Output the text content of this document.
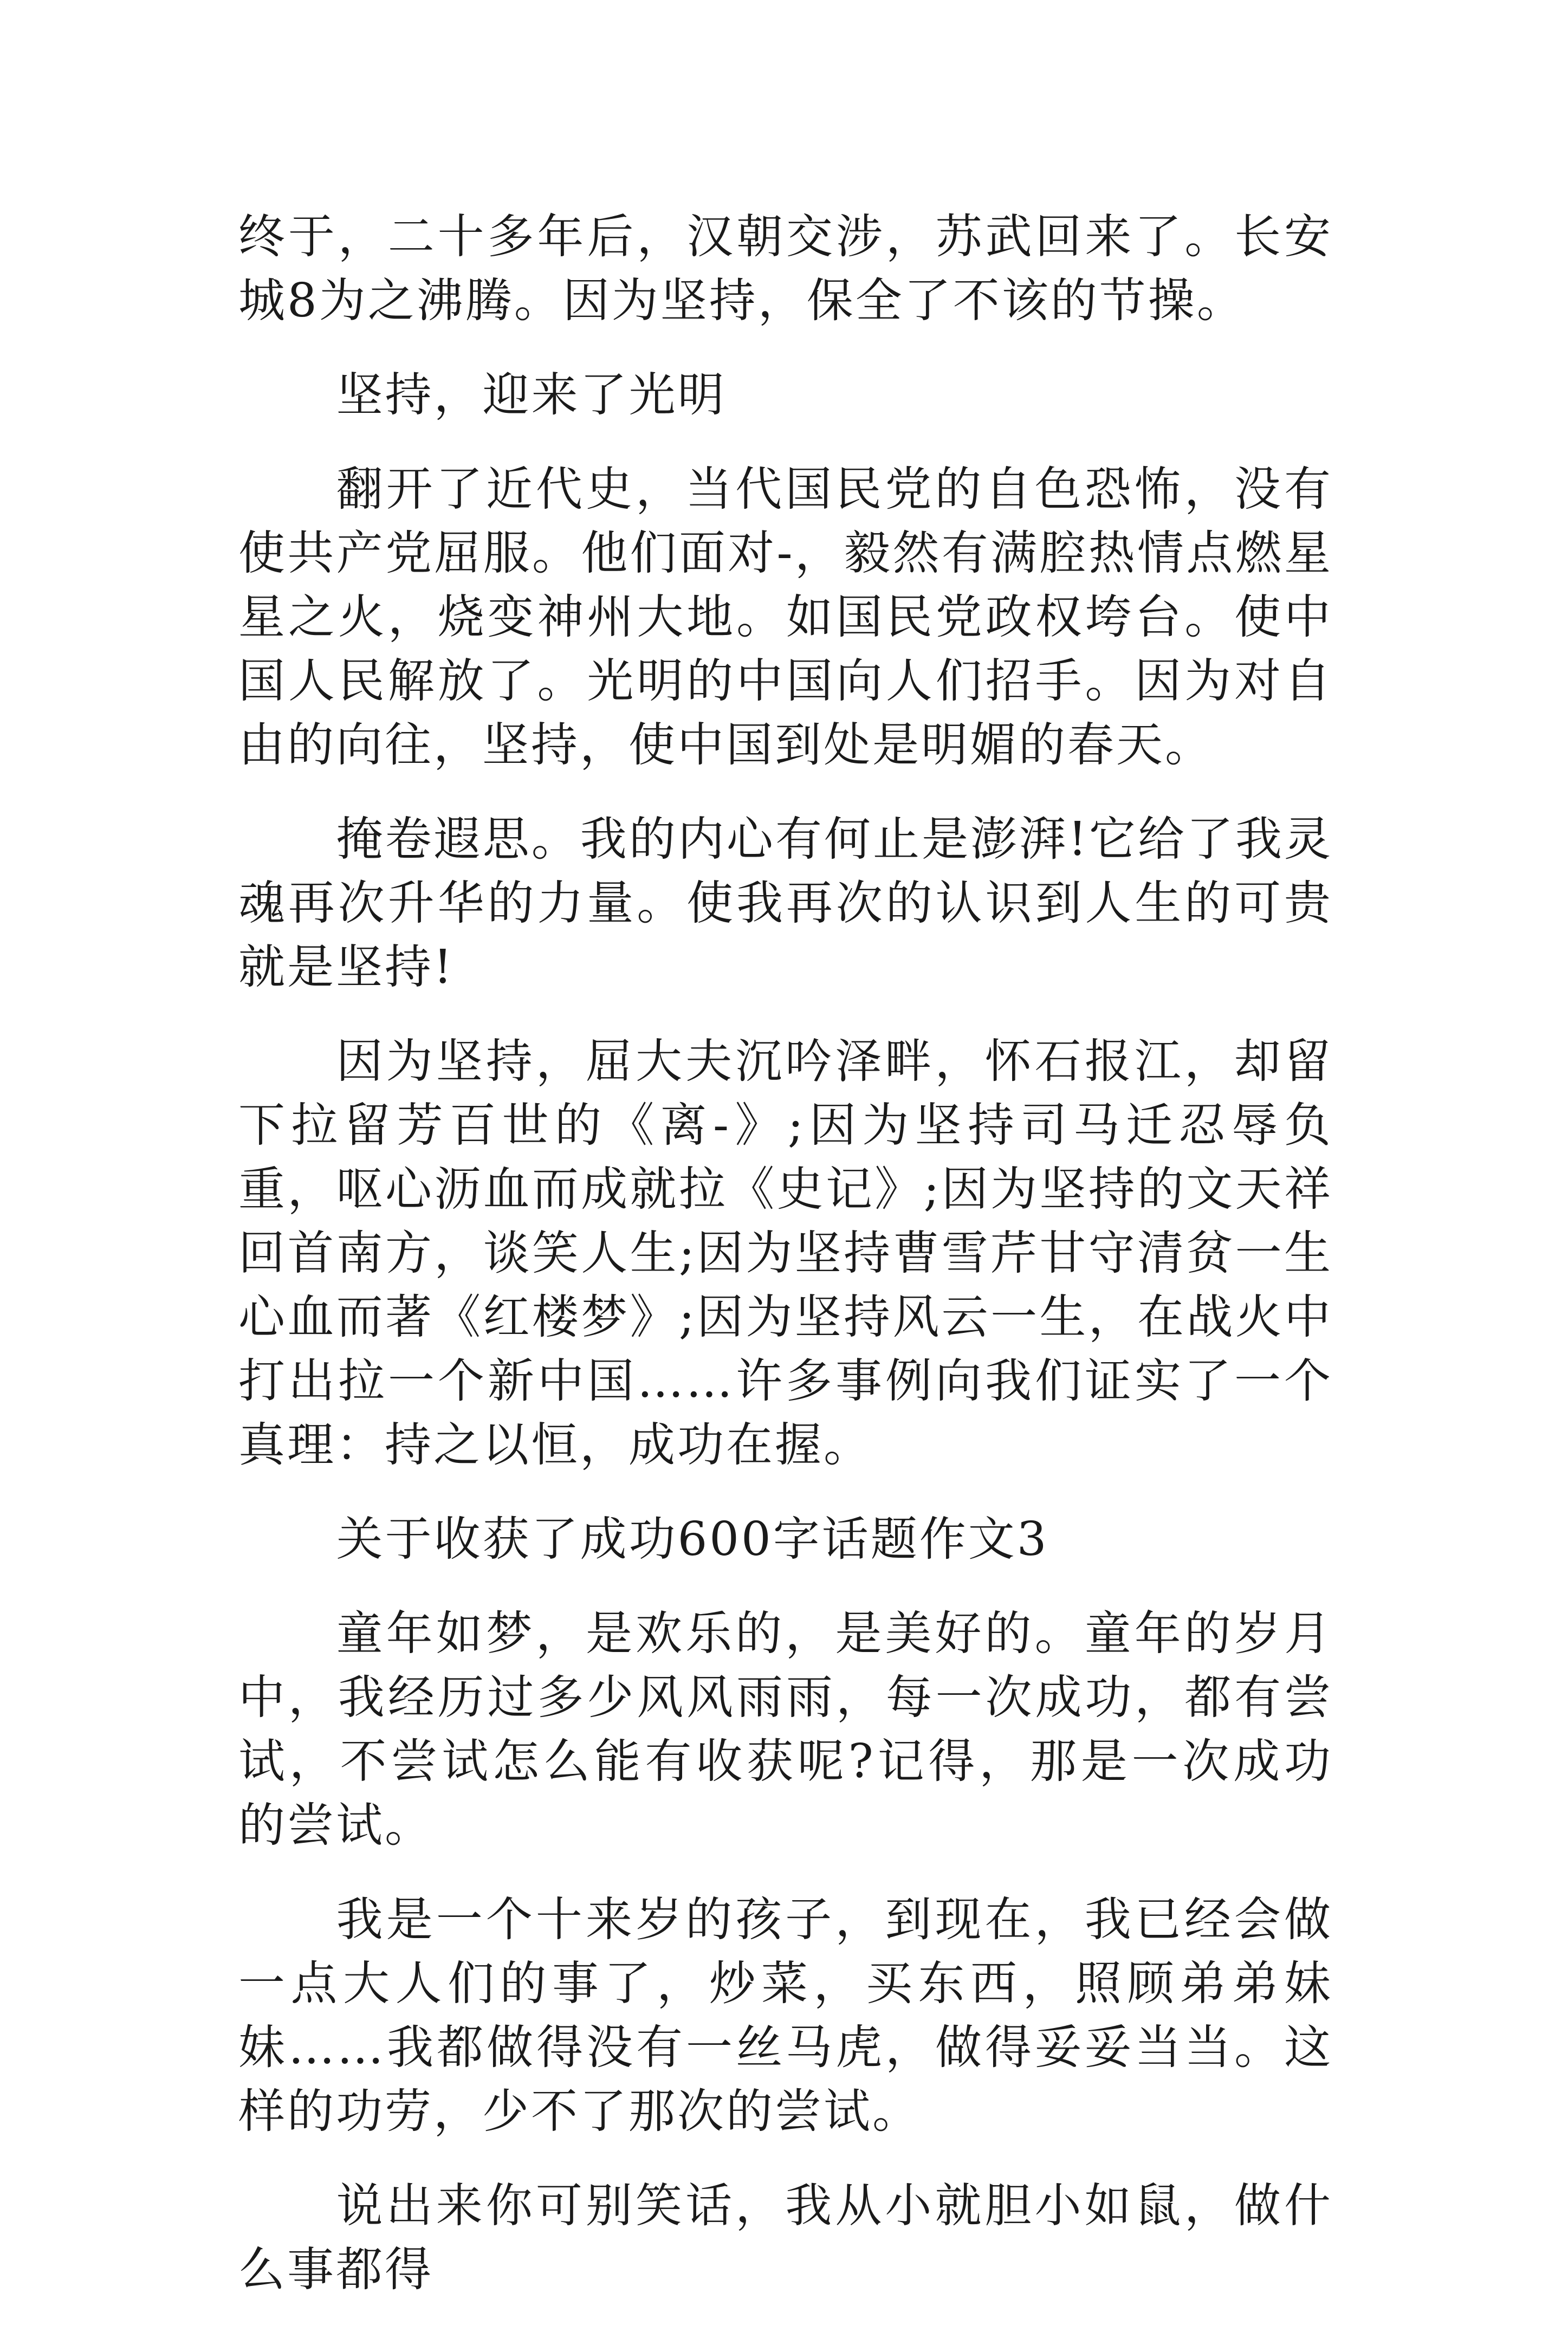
终于，二十多年后，汉朝交涉，苏武回来了。长安城8为之沸腾。因为坚持，保全了不该的节操。

坚持，迎来了光明

翻开了近代史，当代国民党的自色恐怖，没有使共产党屈服。他们面对-，毅然有满腔热情点燃星星之火，烧变神州大地。如国民党政权垮台。使中国人民解放了。光明的中国向人们招手。因为对自由的向往，坚持，使中国到处是明媚的春天。

掩卷遐思。我的内心有何止是澎湃!它给了我灵魂再次升华的力量。使我再次的认识到人生的可贵就是坚持!

因为坚持，屈大夫沉吟泽畔，怀石报江，却留下拉留芳百世的《离-》;因为坚持司马迁忍辱负重，呕心沥血而成就拉《史记》;因为坚持的文天祥回首南方，谈笑人生;因为坚持曹雪芹甘守清贫一生心血而著《红楼梦》;因为坚持风云一生，在战火中打出拉一个新中国……许多事例向我们证实了一个真理：持之以恒，成功在握。

关于收获了成功600字话题作文3

童年如梦，是欢乐的，是美好的。童年的岁月中，我经历过多少风风雨雨，每一次成功，都有尝试，不尝试怎么能有收获呢?记得，那是一次成功的尝试。

我是一个十来岁的孩子，到现在，我已经会做一点大人们的事了，炒菜，买东西，照顾弟弟妹妹……我都做得没有一丝马虎，做得妥妥当当。这样的功劳，少不了那次的尝试。

说出来你可别笑话，我从小就胆小如鼠，做什么事都得
